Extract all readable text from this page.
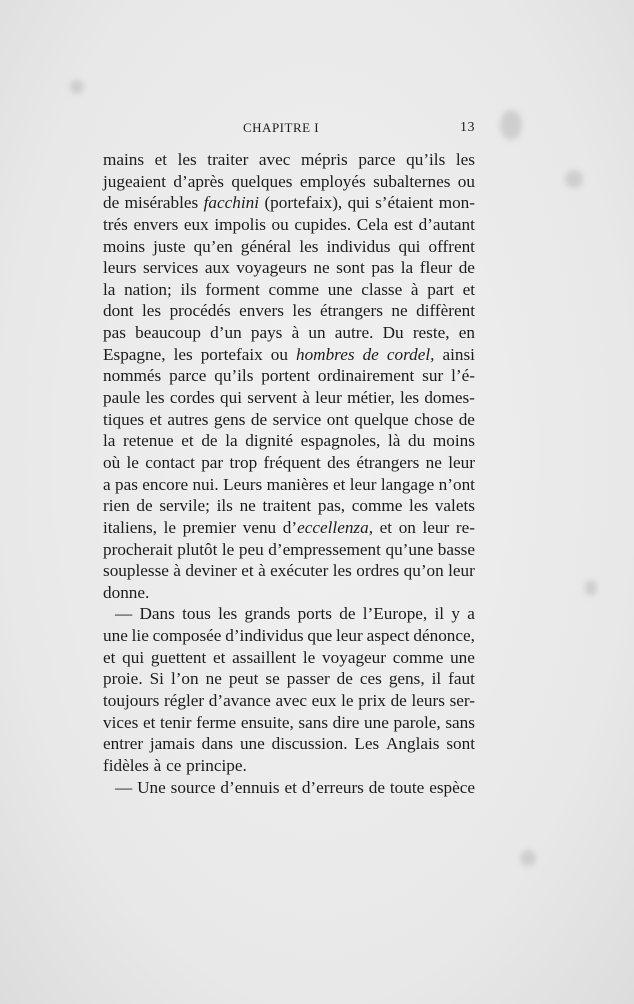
CHAPITRE I	13
mains et les traiter avec mépris parce qu’ils les
jugeaient d’après quelques employés subalternes ou
de misérables facchini (portefaix), qui s’étaient mon-
trés envers eux impolis ou cupides. Cela est d’autant
moins juste qu’en général les individus qui offrent
leurs services aux voyageurs ne sont pas la fleur de
la nation; ils forment comme une classe à part et
dont les procédés envers les étrangers ne diffèrent
pas beaucoup d’un pays à un autre. Du reste, en
Espagne, les portefaix ou hombres de cordel, ainsi
nommés parce qu’ils portent ordinairement sur l’é-
paule les cordes qui servent à leur métier, les domes-
tiques et autres gens de service ont quelque chose de
la retenue et de la dignité espagnoles, là du moins
où le contact par trop fréquent des étrangers ne leur
a pas encore nui. Leurs manières et leur langage n’ont
rien de servile; ils ne traitent pas, comme les valets
italiens, le premier venu d’eccellenza, et on leur re-
procherait plutôt le peu d’empressement qu’une basse
souplesse à deviner et à exécuter les ordres qu’on leur
donne.
— Dans tous les grands ports de l’Europe, il y a
une lie composée d’individus que leur aspect dénonce,
et qui guettent et assaillent le voyageur comme une
proie. Si l’on ne peut se passer de ces gens, il faut
toujours régler d’avance avec eux le prix de leurs ser-
vices et tenir ferme ensuite, sans dire une parole, sans
entrer jamais dans une discussion. Les Anglais sont
fidèles à ce principe.
— Une source d’ennuis et d’erreurs de toute espèce
